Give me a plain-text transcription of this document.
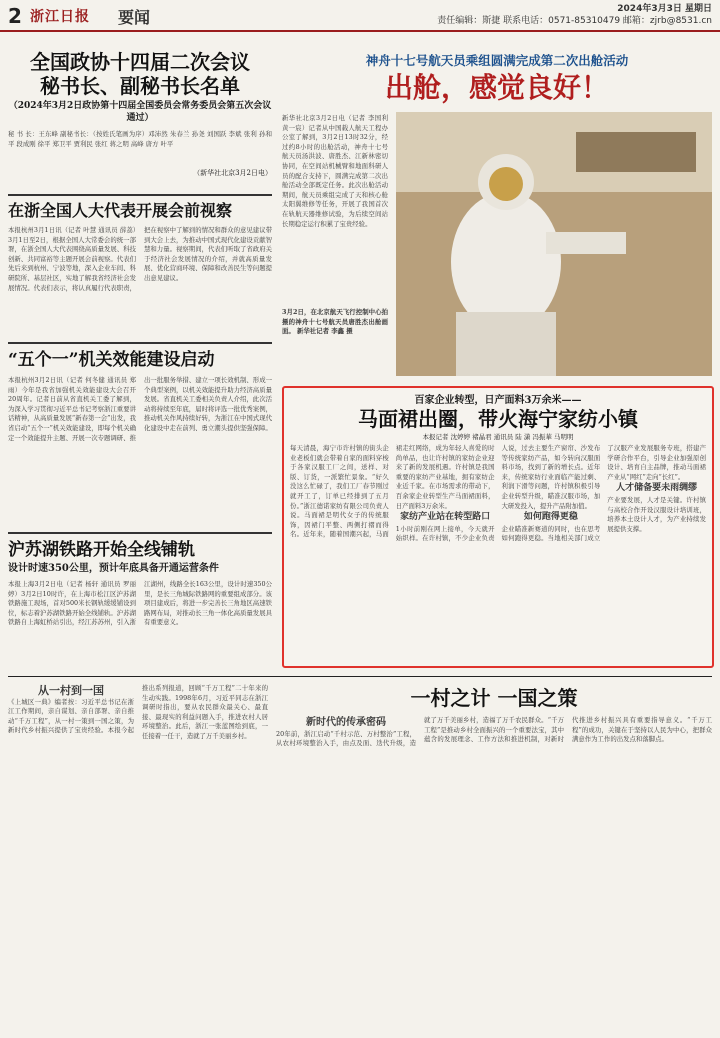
2 浙江日报 要闻	2024年3月3日 星期日
责任编辑：斯捷 联系电话：0571-85310479 邮箱：zjrb@8531.cn
全国政协十四届二次会议
秘书长、副秘书长名单
（2024年3月2日政协第十四届全国委员会常务委员会第五次会议通过）
秘 书 长：王东峰 副秘书长：（按姓氏笔画为序）邓沛然 朱春兰 孙尧 刘国跃 李斌 张利 孙和平 段成刚 徐平 郑卫平 贾利民 张红 蒋之明 高峰 唐方 叶平
（新华社北京3月2日电）
在浙全国人大代表开展会前视察
本报杭州3月1日讯（记者 叶慧 通讯员 薛荔）3月1日至2日，根据全国人大常委会的统一部署，在浙全国人大代表围绕高质量发展、科技创新、共同富裕等主题开展会前视察。代表们先后来到杭州、宁波等地，深入企业车间、科研院所、基层社区，实地了解我省经济社会发展情况。代表们表示，将认真履行代表职责，把在视察中了解到的情况和群众的意见建议带到大会上去，为推动中国式现代化建设贡献智慧和力量。视察期间，代表们听取了省政府关于经济社会发展情况的介绍，并就高质量发展、优化营商环境、保障和改善民生等问题提出意见建议。
“五个一”机关效能建设启动
本报杭州3月2日讯（记者 何冬健 通讯员 郑雨）今年是我省加强机关效能建设大会召开20周年。记者日前从省直机关工委了解到，为深入学习贯彻习近平总书记考察浙江重要讲话精神，从高质量发展“新春第一会”出发，我省启动“五个一”机关效能建设，即每个机关确定一个效能提升主题、开展一次专题调研、推出一批服务举措、建立一项长效机制、形成一个典型案例，以机关效能提升助力经济高质量发展。省直机关工委相关负责人介绍，此次活动将持续至年底，届时将评选一批优秀案例，推动机关作风持续好转，为浙江在中国式现代化建设中走在前列、勇立潮头提供坚强保障。
沪苏湖铁路开始全线铺轨
设计时速350公里，预计年底具备开通运营条件
本报上海3月2日电（记者 杨轩 通讯员 罗丽婷）3月2日10时许，在上海市松江区沪苏湖铁路施工现场，首对500米长钢轨缓缓铺设到位，标志着沪苏湖铁路开始全线铺轨。沪苏湖铁路自上海虹桥站引出，经江苏苏州，引入浙江湖州，线路全长163公里，设计时速350公里，是长三角城际铁路网的重要组成部分。该项目建成后，将进一步完善长三角地区高速铁路网布局，对推动长三角一体化高质量发展具有重要意义。
神舟十七号航天员乘组圆满完成第二次出舱活动
出舱，感觉良好！
新华社北京3月2日电（记者 李国利 黄一宸）记者从中国载人航天工程办公室了解到，3月2日13时32分，经过约8小时的出舱活动，神舟十七号航天员汤洪波、唐胜杰、江新林密切协同，在空间站机械臂和地面科研人员的配合支持下，圆满完成第二次出舱活动全部既定任务。此次出舱活动期间，航天员乘组完成了天和核心舱太阳翼维修等任务，开展了我国首次在轨航天器维修试验，为后续空间站长期稳定运行积累了宝贵经验。
3月2日，在北京航天飞行控制中心拍摄的神舟十七号航天员唐胜杰出舱画面。 新华社记者 李鑫 摄
百家企业转型，日产面料3万余米——
马面裙出圈，带火海宁家纺小镇
本报记者 沈婷婷 褚晶君 通讯员 陆 潇 冯振華 马明明
每天清晨，海宁市许村镇的街头企业老板们就会带着自家的面料穿梭于各家汉服工厂之间，送样、对版、订货，一派繁忙景象。“好久没这么忙碌了，我们工厂春节刚过就开工了，订单已经排到了五月份。”浙江德诺家纺有限公司负责人说。马面裙是明代女子的传统服饰，因裙门平整、两侧打褶而得名。近年来，随着国潮兴起，马面裙走红网络，成为年轻人喜爱的时尚单品，也让许村镇的家纺企业迎来了新的发展机遇。许村镇是我国重要的家纺产业基地，拥有家纺企业近千家。在市场需求的带动下，百余家企业转型生产马面裙面料，日产面料3万余米。
家纺产业站在转型路口
1小时前刚在网上接单，今天就开始织样。在许村镇，不少企业负责人说，过去主要生产窗帘、沙发布等传统家纺产品，如今转向汉服面料市场，找到了新的增长点。近年来，传统家纺行业面临产能过剩、利润下滑等问题，许村镇积极引导企业转型升级，瞄准汉服市场，加大研发投入，提升产品附加值。
如何跑得更稳
企业瞄准新赛道的同时，也在思考如何跑得更稳。当地相关部门成立了汉服产业发展服务专班，搭建产学研合作平台，引导企业加强原创设计、培育自主品牌，推动马面裙产业从“网红”走向“长红”。
人才储备要未雨绸缪
产业要发展，人才是关键。许村镇与高校合作开设汉服设计培训班，培养本土设计人才，为产业持续发展提供支撑。
从一村到一国
《上城区一典》编者按：习近平总书记在浙江工作期间，亲自谋划、亲自部署、亲自推动“千万工程”，从一村一策到一国之策，为新时代乡村振兴提供了宝贵经验。本报今起推出系列报道，回顾“千万工程”二十年来的生动实践。1998年6月，习近平同志在浙江调研时指出，要从农民群众最关心、最直接、最现实的利益问题入手，推进农村人居环境整治。此后，浙江一张蓝图绘到底，一任接着一任干，造就了万千美丽乡村。
一村之计 一国之策
新时代的传承密码
20年前，浙江启动“千村示范、万村整治”工程，从农村环境整治入手，由点及面、迭代升级，造就了万千美丽乡村，造福了万千农民群众。“千万工程”是推动乡村全面振兴的一个重要法宝，其中蕴含的发展理念、工作方法和推进机制，对新时代推进乡村振兴具有重要指导意义。“千万工程”的成功，关键在于坚持以人民为中心，把群众满意作为工作的出发点和落脚点。
